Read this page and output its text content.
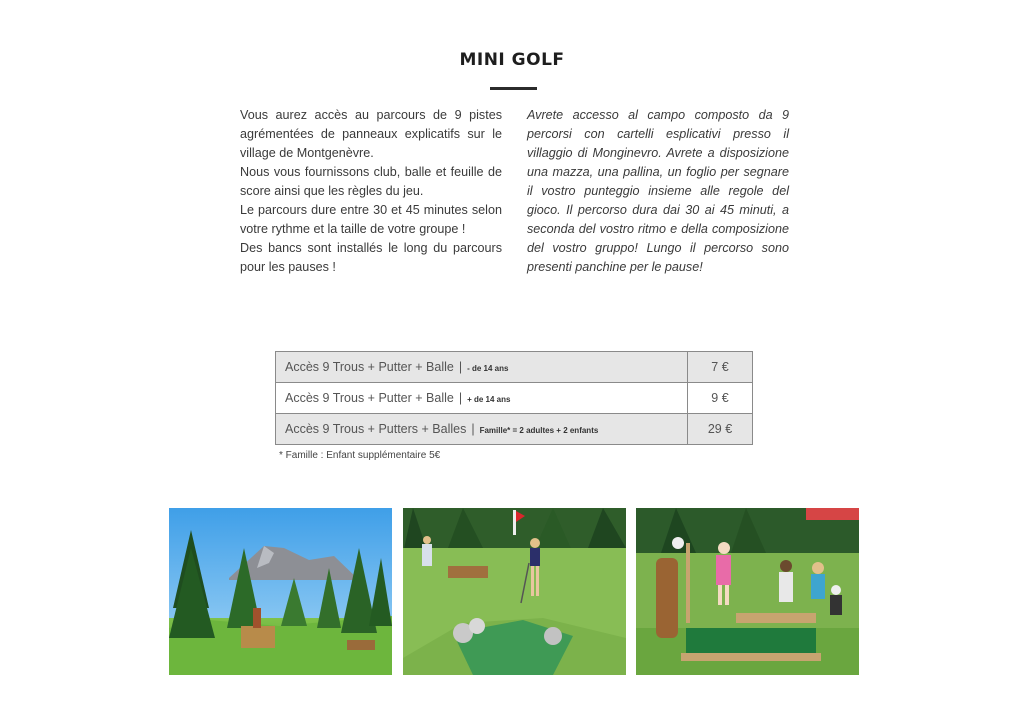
MINI GOLF

Vous aurez accès au parcours de 9 pistes agrémentées de panneaux explicatifs sur le village de Montgenèvre.

Nous vous fournissons club, balle et feuille de score ainsi que les règles du jeu.

Le parcours dure entre 30 et 45 minutes selon votre rythme et la taille de votre groupe !

Des bancs sont installés le long du parcours pour les pauses !

Avrete accesso al campo composto da 9 percorsi con cartelli esplicativi presso il villaggio di Monginevro. Avrete a disposizione una mazza, una pallina, un foglio per segnare il vostro punteggio insieme alle regole del gioco. Il percorso dura dai 30 ai 45 minuti, a seconda del vostro ritmo e della composizione del vostro gruppo! Lungo il percorso sono presenti panchine per le pause!

Accès 9 Trous + Putter + Balle | - de 14 ans	7 €
Accès 9 Trous + Putter + Balle | + de 14 ans	9 €
Accès 9 Trous + Putters + Balles | Famille* = 2 adultes + 2 enfants	29 €
* Famille : Enfant supplémentaire 5€
